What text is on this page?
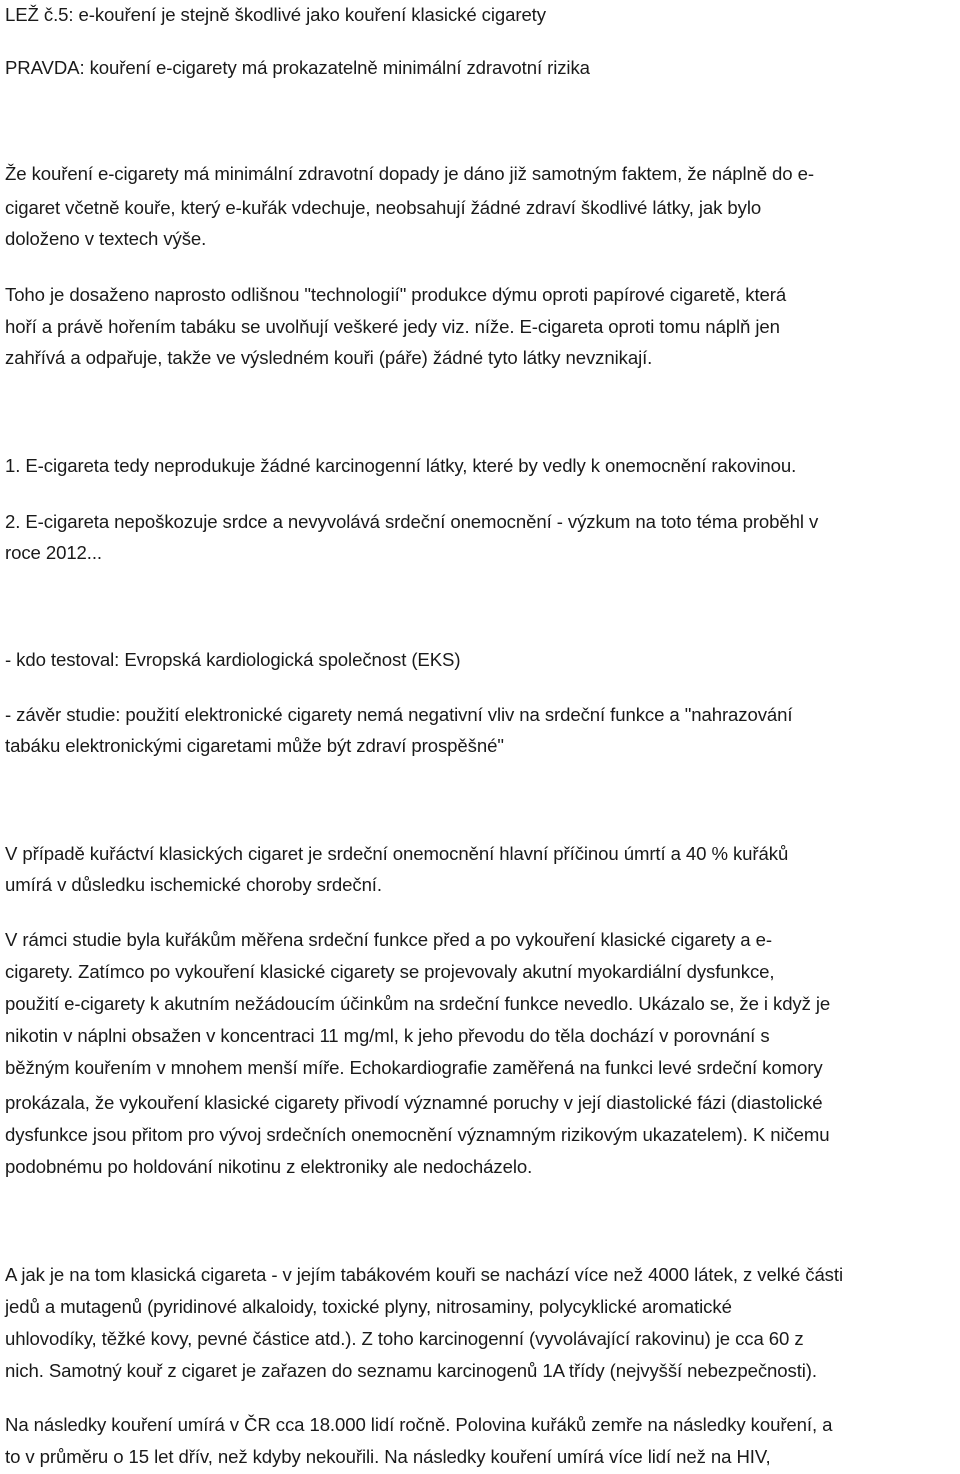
LEŽ č.5: e-kouření je stejně škodlivé jako kouření klasické cigarety
PRAVDA: kouření e-cigarety má prokazatelně minimální zdravotní rizika
Že kouření e-cigarety má minimální zdravotní dopady je dáno již samotným faktem, že náplně do e-
cigaret včetně kouře, který e-kuřák vdechuje, neobsahují žádné zdraví škodlivé látky, jak bylo
doloženo v textech výše.
Toho je dosaženo naprosto odlišnou "technologií" produkce dýmu oproti papírové cigaretě, která
hoří a právě hořením tabáku se uvolňují veškeré jedy viz. níže. E-cigareta oproti tomu náplň jen
zahřívá a odpařuje, takže ve výsledném kouři (páře) žádné tyto látky nevznikají.
1. E-cigareta tedy neprodukuje žádné karcinogenní látky, které by vedly k onemocnění rakovinou.
2. E-cigareta nepoškozuje srdce a nevyvolává srdeční onemocnění - výzkum na toto téma proběhl v
roce 2012...
- kdo testoval: Evropská kardiologická společnost (EKS)
- závěr studie: použití elektronické cigarety nemá negativní vliv na srdeční funkce a "nahrazování
tabáku elektronickými cigaretami může být zdraví prospěšné"
V případě kuřáctví klasických cigaret je srdeční onemocnění hlavní příčinou úmrtí a 40 % kuřáků
umírá v důsledku ischemické choroby srdeční.
V rámci studie byla kuřákům měřena srdeční funkce před a po vykouření klasické cigarety a e-
cigarety. Zatímco po vykouření klasické cigarety se projevovaly akutní myokardiální dysfunkce,
použití e-cigarety k akutním nežádoucím účinkům na srdeční funkce nevedlo. Ukázalo se, že i když je
nikotin v náplni obsažen v koncentraci 11 mg/ml, k jeho převodu do těla dochází v porovnání s
běžným kouřením v mnohem menší míře. Echokardiografie zaměřená na funkci levé srdeční komory
prokázala, že vykouření klasické cigarety přivodí významné poruchy v její diastolické fázi (diastolické
dysfunkce jsou přitom pro vývoj srdečních onemocnění významným rizikovým ukazatelem). K ničemu
podobnému po holdování nikotinu z elektroniky ale nedocházelo.
A jak je na tom klasická cigareta - v jejím tabákovém kouři se nachází více než 4000 látek, z velké části
jedů a mutagenů (pyridinové alkaloidy, toxické plyny, nitrosaminy, polycyklické aromatické
uhlovodíky, těžké kovy, pevné částice atd.). Z toho karcinogenní (vyvolávající rakovinu) je cca 60 z
nich. Samotný kouř z cigaret je zařazen do seznamu karcinogenů 1A třídy (nejvyšší nebezpečnosti).
Na následky kouření umírá v ČR cca 18.000 lidí ročně. Polovina kuřáků zemře na následky kouření, a
to v průměru o 15 let dřív, než kdyby nekouřili. Na následky kouření umírá více lidí než na HIV,
